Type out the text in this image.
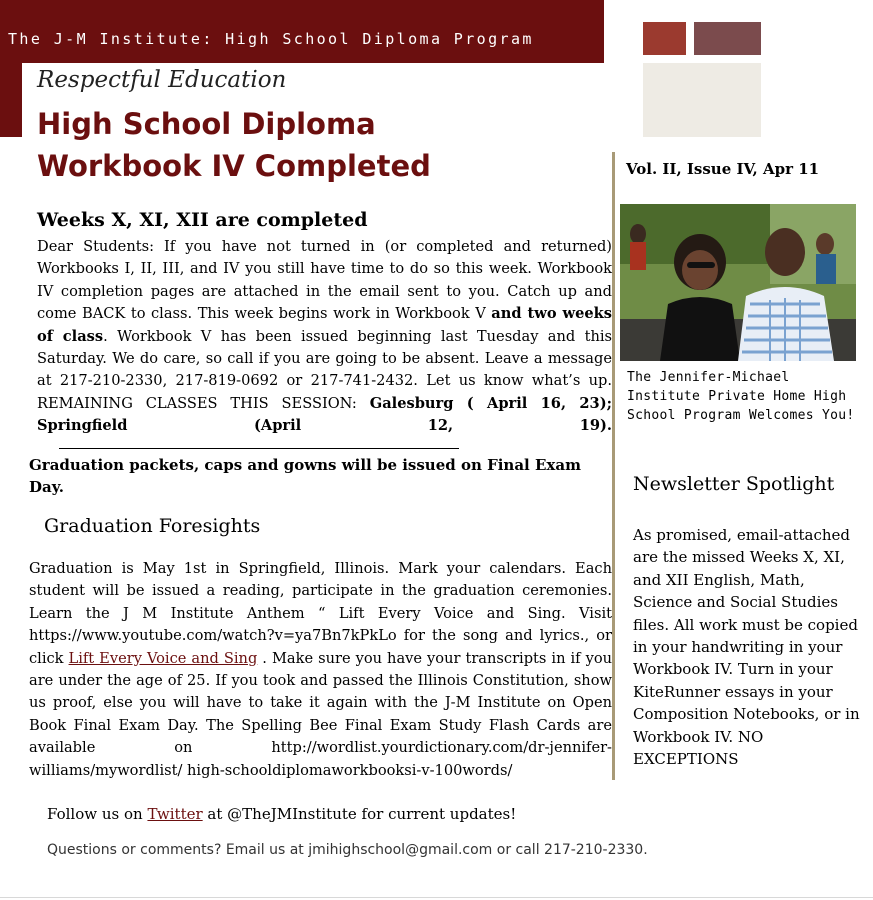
The J-M Institute: High School Diploma Program
Respectful Education
High School Diploma
Workbook IV Completed	Vol. II, Issue IV, Apr 11
The Jennifer-Michael Institute Private Home High School Program Welcomes You!
Newsletter Spotlight
As promised, email-attached are the missed Weeks X, XI, and XII English, Math, Science and Social Studies files. All work must be copied in your handwriting in your Workbook IV. Turn in your KiteRunner essays in your Composition Notebooks, or in Workbook IV. NO EXCEPTIONS
Weeks X, XI, XII are completed
Dear Students: If you have not turned in (or completed and returned) Workbooks I, II, III, and IV you still have time to do so this week. Workbook IV completion pages are attached in the email sent to you. Catch up and come BACK to class. This week begins work in Workbook V and two weeks of class. Workbook V has been issued beginning last Tuesday and this Saturday. We do care, so call if you are going to be absent. Leave a message at 217-210-2330, 217-819-0692 or 217-741-2432. Let us know what’s up. REMAINING CLASSES THIS SESSION: Galesburg ( April 16, 23); Springfield (April 12, 19).
Graduation packets, caps and gowns will be issued on Final Exam Day.
Graduation Foresights
Graduation is May 1st in Springfield, Illinois. Mark your calendars. Each student will be issued a reading, participate in the graduation ceremonies. Learn the J M Institute Anthem “ Lift Every Voice and Sing. Visit https://www.youtube.com/watch?v=ya7Bn7kPkLo for the song and lyrics., or click Lift Every Voice and Sing . Make sure you have your transcripts in if you are under the age of 25. If you took and passed the Illinois Constitution, show us proof, else you will have to take it again with the J-M Institute on Open Book Final Exam Day. The Spelling Bee Final Exam Study Flash Cards are available on http://wordlist.yourdictionary.com/dr-jennifer-williams/mywordlist/ high-schooldiplomaworkbooksi-v-100words/
Follow us on Twitter at @TheJMInstitute for current updates!
Questions or comments? Email us at jmihighschool@gmail.com or call 217-210-2330.
